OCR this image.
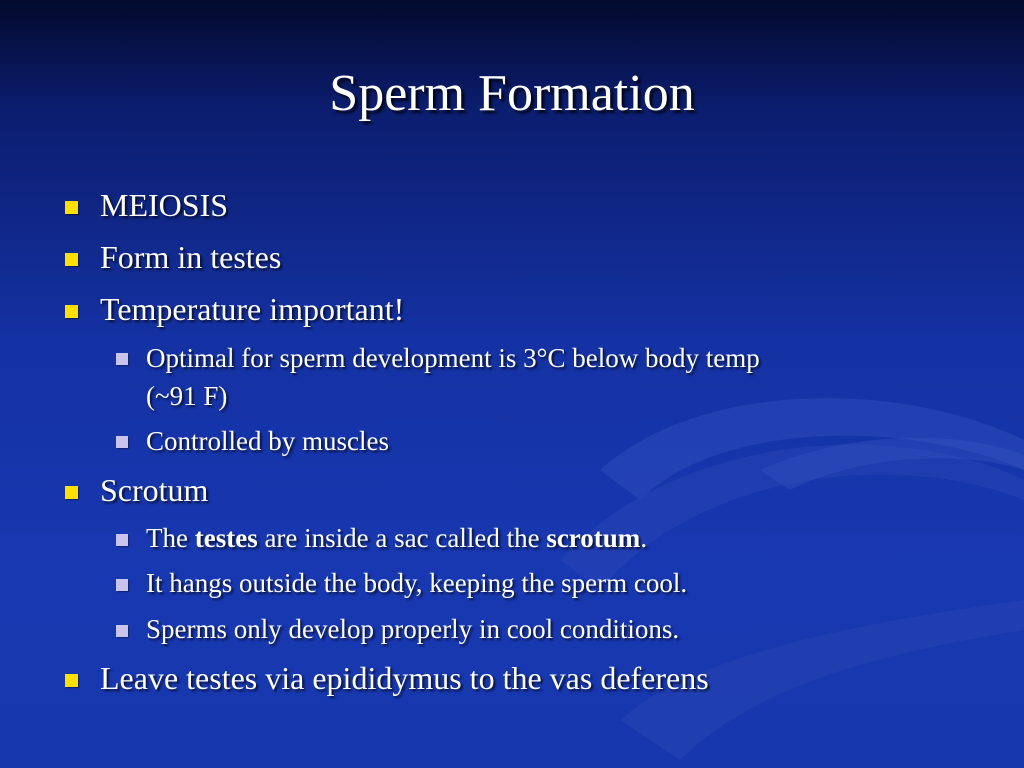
Sperm Formation
MEIOSIS
Form in testes
Temperature important!
Optimal for sperm development is 3°C below body temp
(~91 F)
Controlled by muscles
Scrotum
The testes are inside a sac called the scrotum.
It hangs outside the body, keeping the sperm cool.
Sperms only develop properly in cool conditions.
Leave testes via epididymus to the vas deferens
